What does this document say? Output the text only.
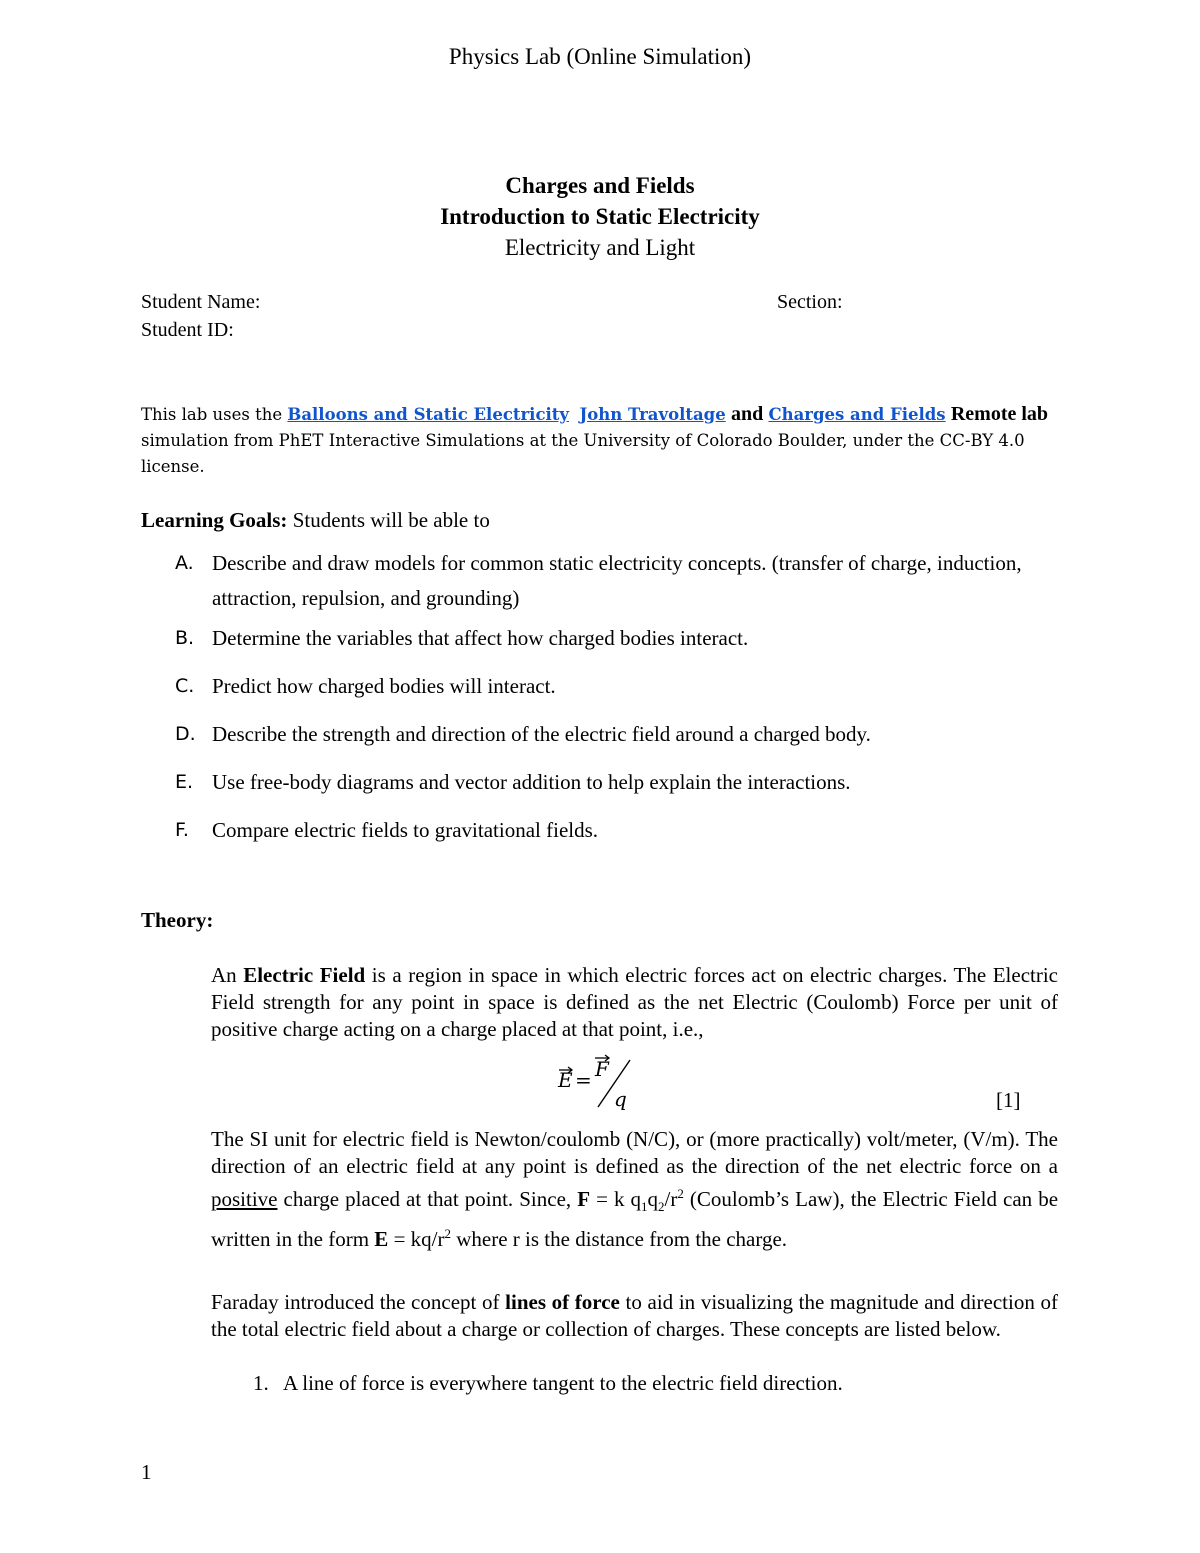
Physics Lab (Online Simulation)
Charges and Fields
Introduction to Static Electricity
Electricity and Light
Student Name:
Student ID:
Section:
This lab uses the Balloons and Static Electricity John Travoltage and Charges and Fields Remote lab simulation from PhET Interactive Simulations at the University of Colorado Boulder, under the CC-BY 4.0 license.
Learning Goals: Students will be able to
A. Describe and draw models for common static electricity concepts. (transfer of charge, induction, attraction, repulsion, and grounding)
B. Determine the variables that affect how charged bodies interact.
C. Predict how charged bodies will interact.
D. Describe the strength and direction of the electric field around a charged body.
E. Use free-body diagrams and vector addition to help explain the interactions.
F. Compare electric fields to gravitational fields.
Theory:
An Electric Field is a region in space in which electric forces act on electric charges. The Electric Field strength for any point in space is defined as the net Electric (Coulomb) Force per unit of positive charge acting on a charge placed at that point, i.e.,
E = F
q	[1]
The SI unit for electric field is Newton/coulomb (N/C), or (more practically) volt/meter, (V/m). The direction of an electric field at any point is defined as the direction of the net electric force on a positive charge placed at that point. Since, F = k $q_1q_2/r^2$ (Coulomb’s Law), the Electric Field can be written in the form $E = kq/r^2$ where r is the distance from the charge.
Faraday introduced the concept of lines of force to aid in visualizing the magnitude and direction of the total electric field about a charge or collection of charges. These concepts are listed below.
1. A line of force is everywhere tangent to the electric field direction.
1
